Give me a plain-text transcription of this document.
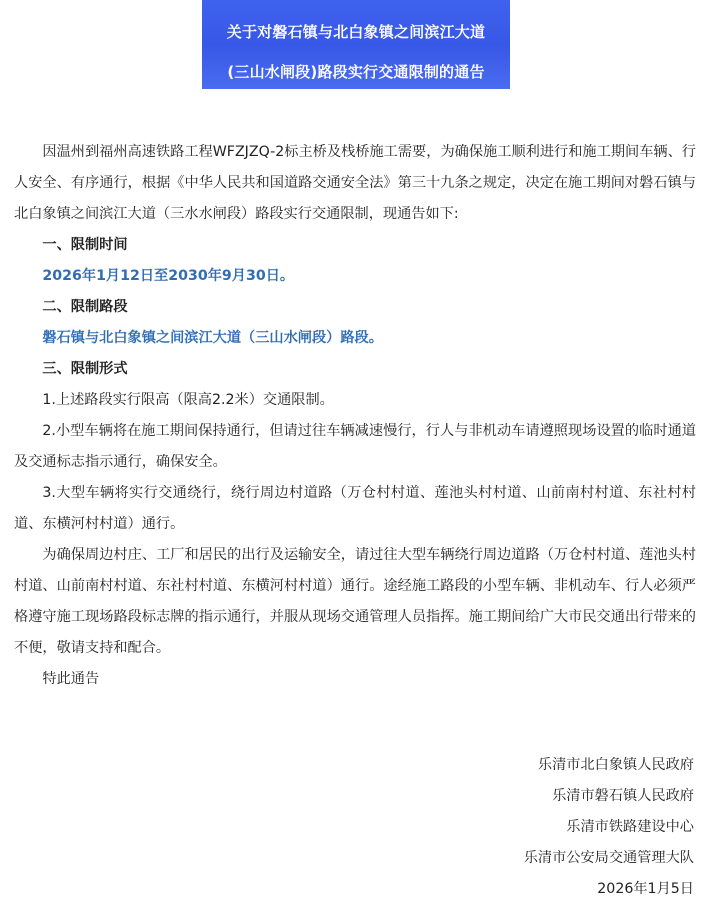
关于对磐石镇与北白象镇之间滨江大道
(三山水闸段)路段实行交通限制的通告

因温州到福州高速铁路工程WFZJZQ-2标主桥及栈桥施工需要，为确保施工顺利进行和施工期间车辆、行人安全、有序通行，根据《中华人民共和国道路交通安全法》第三十九条之规定，决定在施工期间对磐石镇与北白象镇之间滨江大道（三水水闸段）路段实行交通限制，现通告如下:

一、限制时间

2026年1月12日至2030年9月30日。

二、限制路段

磐石镇与北白象镇之间滨江大道（三山水闸段）路段。

三、限制形式

1.上述路段实行限高（限高2.2米）交通限制。

2.小型车辆将在施工期间保持通行，但请过往车辆减速慢行，行人与非机动车请遵照现场设置的临时通道及交通标志指示通行，确保安全。

3.大型车辆将实行交通绕行，绕行周边村道路（万仓村村道、莲池头村村道、山前南村村道、东社村村道、东横河村村道）通行。

为确保周边村庄、工厂和居民的出行及运输安全，请过往大型车辆绕行周边道路（万仓村村道、莲池头村村道、山前南村村道、东社村村道、东横河村村道）通行。途经施工路段的小型车辆、非机动车、行人必须严格遵守施工现场路段标志牌的指示通行，并服从现场交通管理人员指挥。施工期间给广大市民交通出行带来的不便，敬请支持和配合。

特此通告

乐清市北白象镇人民政府
乐清市磐石镇人民政府
乐清市铁路建设中心
乐清市公安局交通管理大队
2026年1月5日
